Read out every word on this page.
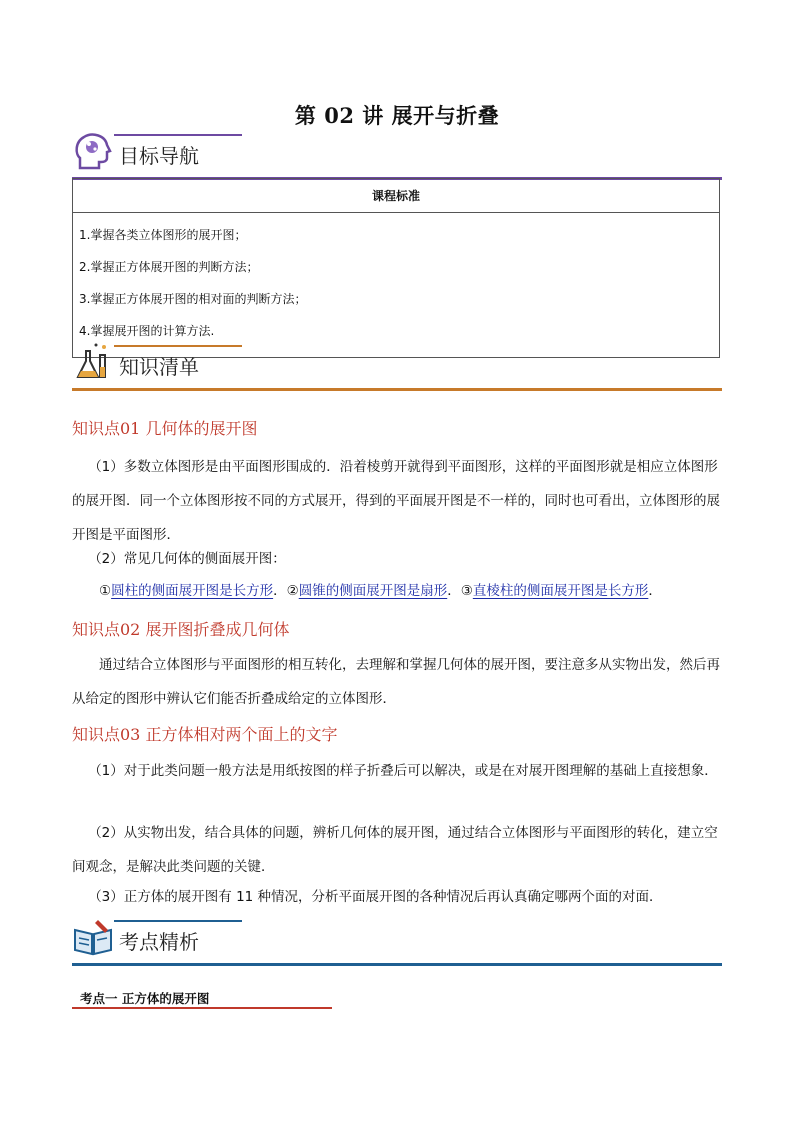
第 02 讲 展开与折叠
目标导航
课程标准

1.掌握各类立体图形的展开图；
2.掌握正方体展开图的判断方法；
3.掌握正方体展开图的相对面的判断方法；
4.掌握展开图的计算方法.
知识清单
知识点01 几何体的展开图
（1）多数立体图形是由平面图形围成的．沿着棱剪开就得到平面图形，这样的平面图形就是相应立体图形的展开图．同一个立体图形按不同的方式展开，得到的平面展开图是不一样的，同时也可看出，立体图形的展开图是平面图形．
（2）常见几何体的侧面展开图：
①圆柱的侧面展开图是长方形．②圆锥的侧面展开图是扇形．③直棱柱的侧面展开图是长方形．
知识点02 展开图折叠成几何体
通过结合立体图形与平面图形的相互转化，去理解和掌握几何体的展开图，要注意多从实物出发，然后再从给定的图形中辨认它们能否折叠成给定的立体图形．
知识点03 正方体相对两个面上的文字
（1）对于此类问题一般方法是用纸按图的样子折叠后可以解决，或是在对展开图理解的基础上直接想象．
（2）从实物出发，结合具体的问题，辨析几何体的展开图，通过结合立体图形与平面图形的转化，建立空间观念，是解决此类问题的关键．
（3）正方体的展开图有 11 种情况，分析平面展开图的各种情况后再认真确定哪两个面的对面．
考点精析
考点一 正方体的展开图
